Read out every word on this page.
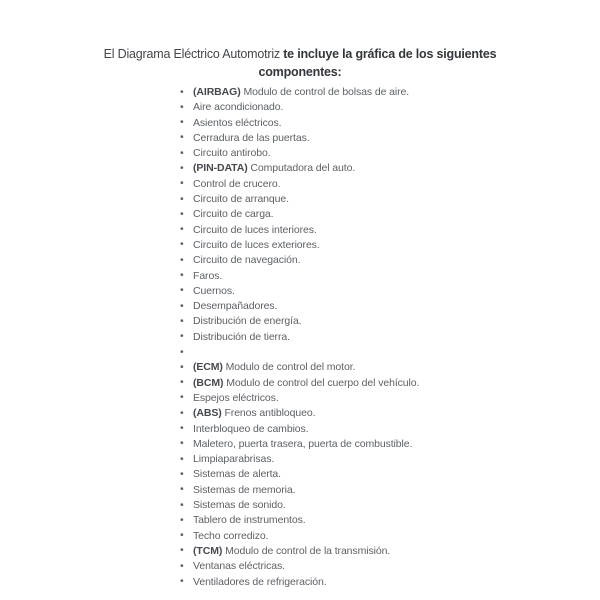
El Diagrama Eléctrico Automotriz te incluye la gráfica de los siguientes
componentes:
• (AIRBAG) Modulo de control de bolsas de aire.
• Aire acondicionado.
• Asientos eléctricos.
• Cerradura de las puertas.
• Circuito antirobo.
• (PIN-DATA) Computadora del auto.
• Control de crucero.
• Circuito de arranque.
• Circuito de carga.
• Circuito de luces interiores.
• Circuito de luces exteriores.
• Circuito de navegación.
• Faros.
• Cuernos.
• Desempañadores.
• Distribución de energía.
• Distribución de tierra.
•
• (ECM) Modulo de control del motor.
• (BCM) Modulo de control del cuerpo del vehículo.
• Espejos eléctricos.
• (ABS) Frenos antibloqueo.
• Interbloqueo de cambios.
• Maletero, puerta trasera, puerta de combustible.
• Limpiaparabrisas.
• Sistemas de alerta.
• Sistemas de memoria.
• Sistemas de sonido.
• Tablero de instrumentos.
• Techo corredizo.
• (TCM) Modulo de control de la transmisión.
• Ventanas eléctricas.
• Ventiladores de refrigeración.
